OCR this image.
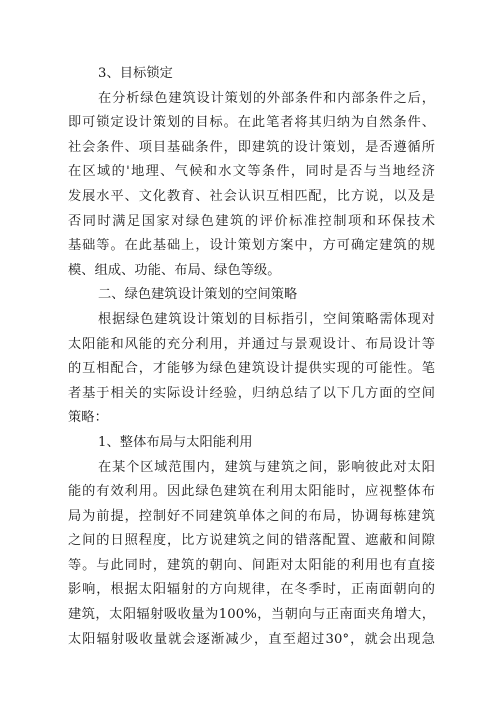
3、目标锁定
在分析绿色建筑设计策划的外部条件和内部条件之后，
即可锁定设计策划的目标。在此笔者将其归纳为自然条件、
社会条件、项目基础条件，即建筑的设计策划，是否遵循所
在区域的'地理、气候和水文等条件，同时是否与当地经济
发展水平、文化教育、社会认识互相匹配，比方说，以及是
否同时满足国家对绿色建筑的评价标准控制项和环保技术
基础等。在此基础上，设计策划方案中，方可确定建筑的规
模、组成、功能、布局、绿色等级。
二、绿色建筑设计策划的空间策略
根据绿色建筑设计策划的目标指引，空间策略需体现对
太阳能和风能的充分利用，并通过与景观设计、布局设计等
的互相配合，才能够为绿色建筑设计提供实现的可能性。笔
者基于相关的实际设计经验，归纳总结了以下几方面的空间
策略：
1、整体布局与太阳能利用
在某个区域范围内，建筑与建筑之间，影响彼此对太阳
能的有效利用。因此绿色建筑在利用太阳能时，应视整体布
局为前提，控制好不同建筑单体之间的布局，协调每栋建筑
之间的日照程度，比方说建筑之间的错落配置、遮蔽和间隙
等。与此同时，建筑的朝向、间距对太阳能的利用也有直接
影响，根据太阳辐射的方向规律，在冬季时，正南面朝向的
建筑，太阳辐射吸收量为100%，当朝向与正南面夹角增大，
太阳辐射吸收量就会逐渐减少，直至超过30°，就会出现急
